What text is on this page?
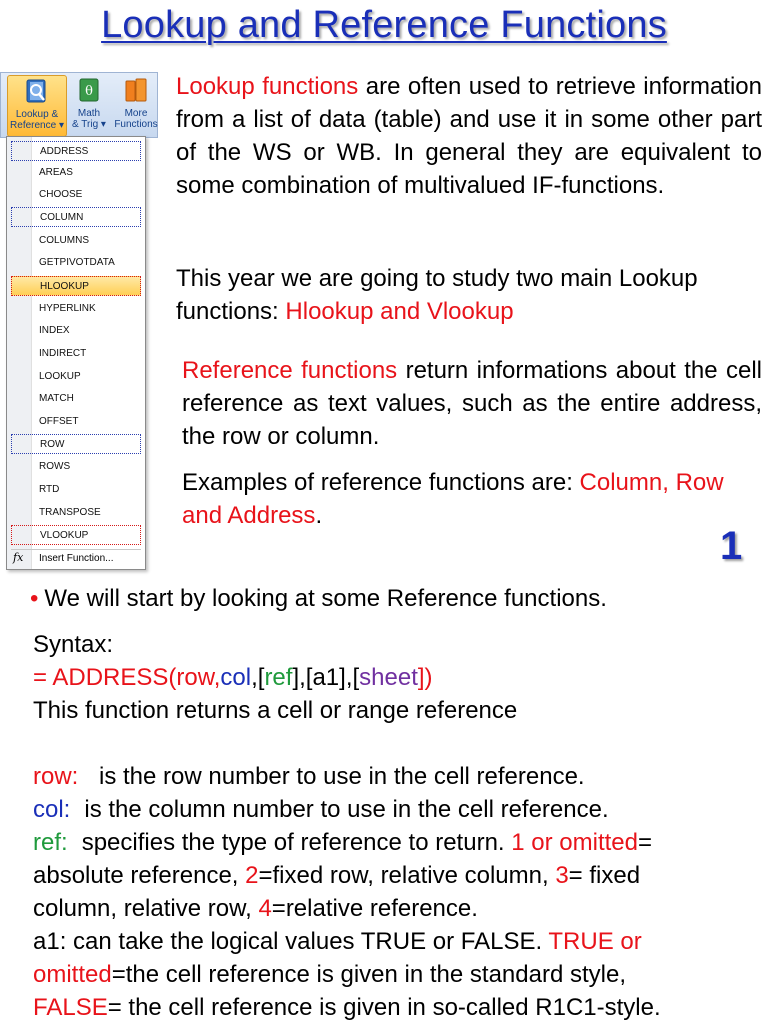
Lookup and Reference Functions
Lookup &
Reference ▾
θ
Math
& Trig ▾
More
Functions
ADDRESS
AREAS
CHOOSE
COLUMN
COLUMNS
GETPIVOTDATA
HLOOKUP
HYPERLINK
INDEX
INDIRECT
LOOKUP
MATCH
OFFSET
ROW
ROWS
RTD
TRANSPOSE
VLOOKUP
fx	Insert Function...
Lookup functions are often used to retrieve information from a list of data (table) and use it in some other part of the WS or WB. In general they are equivalent to some combination of multivalued IF-functions.
This year we are going to study two main Lookup functions: Hlookup and Vlookup
Reference functions return informations about the cell reference as text values, such as the entire address, the row or column.
Examples of reference functions are: Column, Row and Address.
1
• We will start by looking at some Reference functions.
Syntax:
= ADDRESS(row,col,[ref],[a1],[sheet])
This function returns a cell or range reference
row: is the row number to use in the cell reference.
col: is the column number to use in the cell reference.
ref: specifies the type of reference to return. 1 or omitted=
absolute reference, 2=fixed row, relative column, 3= fixed
column, relative row, 4=relative reference.
a1: can take the logical values TRUE or FALSE. TRUE or
omitted=the cell reference is given in the standard style,
FALSE= the cell reference is given in so-called R1C1-style.
